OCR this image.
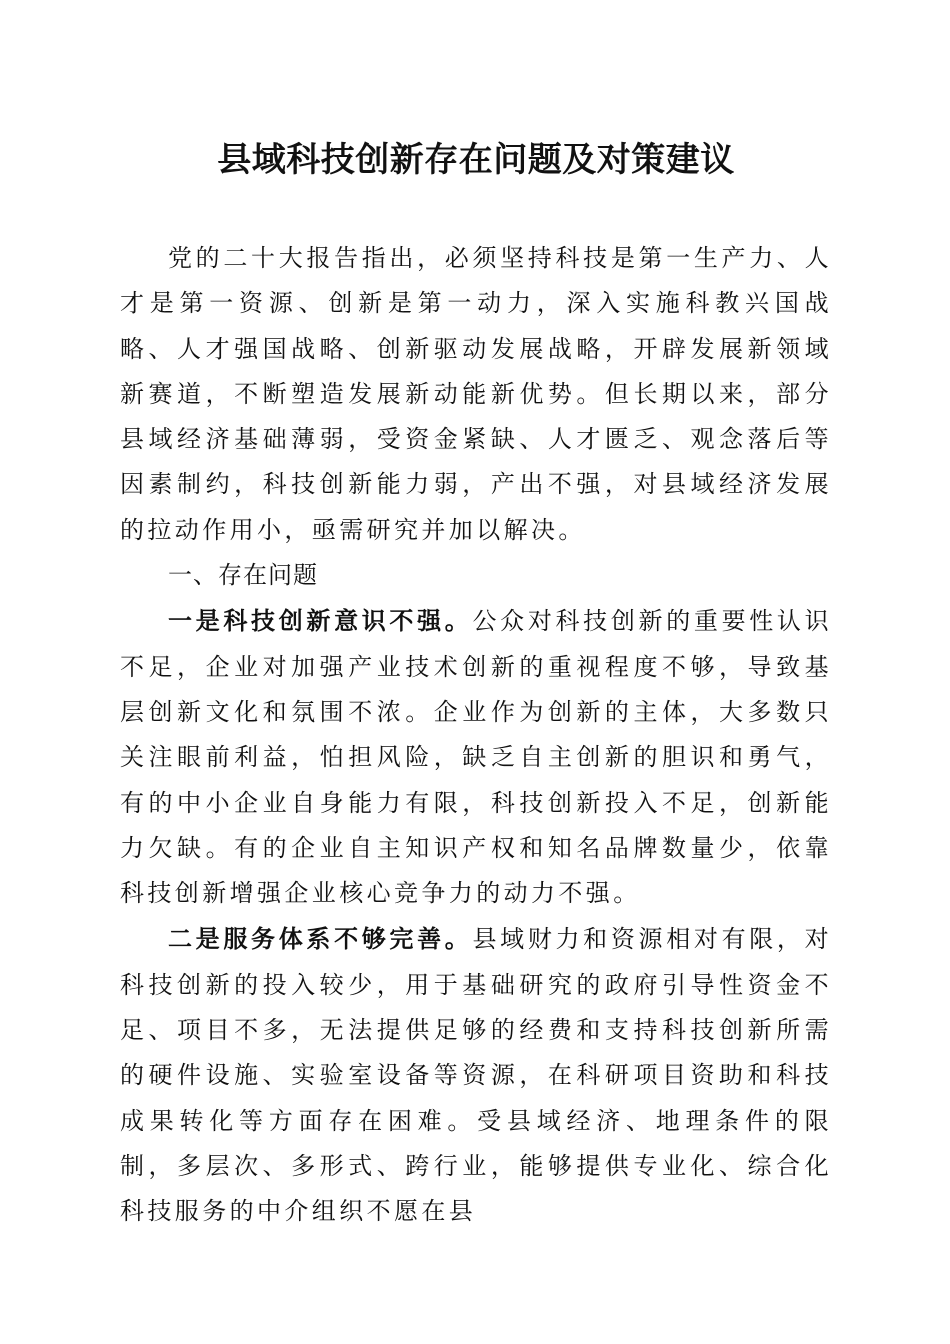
县域科技创新存在问题及对策建议

党的二十大报告指出，必须坚持科技是第一生产力、人才是第一资源、创新是第一动力，深入实施科教兴国战略、人才强国战略、创新驱动发展战略，开辟发展新领域新赛道，不断塑造发展新动能新优势。但长期以来，部分县域经济基础薄弱，受资金紧缺、人才匮乏、观念落后等因素制约，科技创新能力弱，产出不强，对县域经济发展的拉动作用小，亟需研究并加以解决。

一、存在问题

一是科技创新意识不强。公众对科技创新的重要性认识不足，企业对加强产业技术创新的重视程度不够，导致基层创新文化和氛围不浓。企业作为创新的主体，大多数只关注眼前利益，怕担风险，缺乏自主创新的胆识和勇气，有的中小企业自身能力有限，科技创新投入不足，创新能力欠缺。有的企业自主知识产权和知名品牌数量少，依靠科技创新增强企业核心竞争力的动力不强。

二是服务体系不够完善。县域财力和资源相对有限，对科技创新的投入较少，用于基础研究的政府引导性资金不足、项目不多，无法提供足够的经费和支持科技创新所需的硬件设施、实验室设备等资源，在科研项目资助和科技成果转化等方面存在困难。受县域经济、地理条件的限制，多层次、多形式、跨行业，能够提供专业化、综合化科技服务的中介组织不愿在县
